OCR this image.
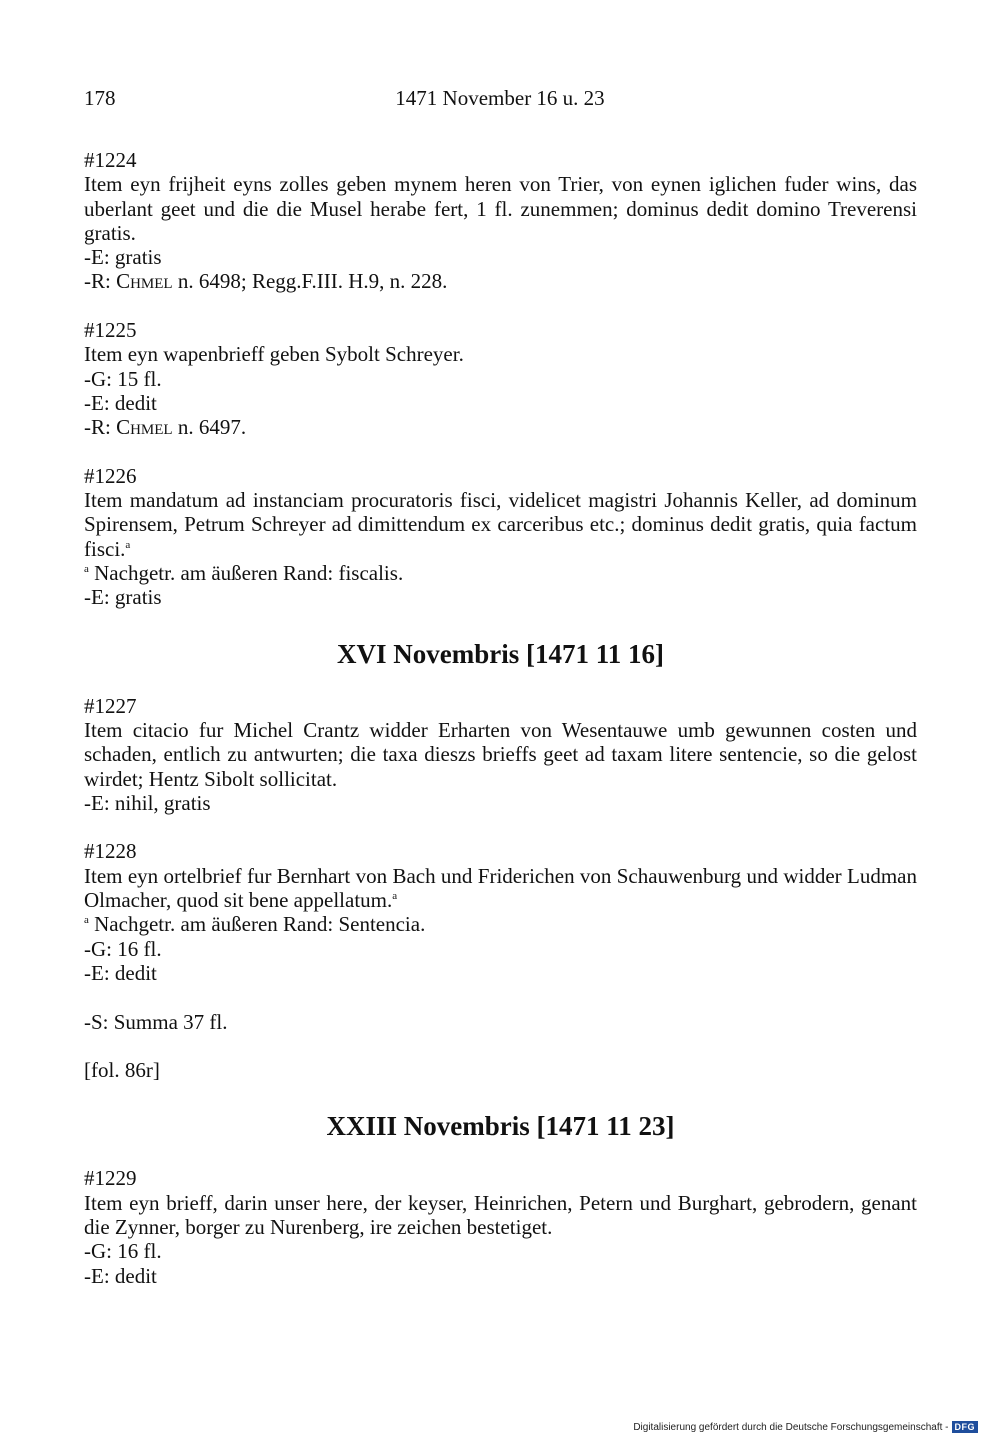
178	1471 November 16 u. 23

#1224

Item eyn frijheit eyns zolles geben mynem heren von Trier, von eynen iglichen fuder wins, das uberlant geet und die die Musel herabe fert, 1 fl. zunemmen; dominus dedit domino Treverensi gratis.

-E: gratis

-R: Chmel n. 6498; Regg.F.III. H.9, n. 228.

#1225

Item eyn wapenbrieff geben Sybolt Schreyer.

-G: 15 fl.

-E: dedit

-R: Chmel n. 6497.

#1226

Item mandatum ad instanciam procuratoris fisci, videlicet magistri Johannis Keller, ad dominum Spirensem, Petrum Schreyer ad dimittendum ex carceribus etc.; dominus dedit gratis, quia factum fisci.$^a$

$^a$ Nachgetr. am äußeren Rand: fiscalis.

-E: gratis

XVI Novembris [1471 11 16]

#1227

Item citacio fur Michel Crantz widder Erharten von Wesentauwe umb gewunnen costen und schaden, entlich zu antwurten; die taxa dieszs brieffs geet ad taxam litere sentencie, so die gelost wirdet; Hentz Sibolt sollicitat.

-E: nihil, gratis

#1228

Item eyn ortelbrief fur Bernhart von Bach und Friderichen von Schauwenburg und widder Ludman Olmacher, quod sit bene appellatum.$^a$

$^a$ Nachgetr. am äußeren Rand: Sentencia.

-G: 16 fl.

-E: dedit

-S: Summa 37 fl.

[fol. 86r]

XXIII Novembris [1471 11 23]

#1229

Item eyn brieff, darin unser here, der keyser, Heinrichen, Petern und Burghart, gebrodern, genant die Zynner, borger zu Nurenberg, ire zeichen bestetiget.

-G: 16 fl.

-E: dedit

Digitalisierung gefördert durch die Deutsche Forschungsgemeinschaft - DFG
